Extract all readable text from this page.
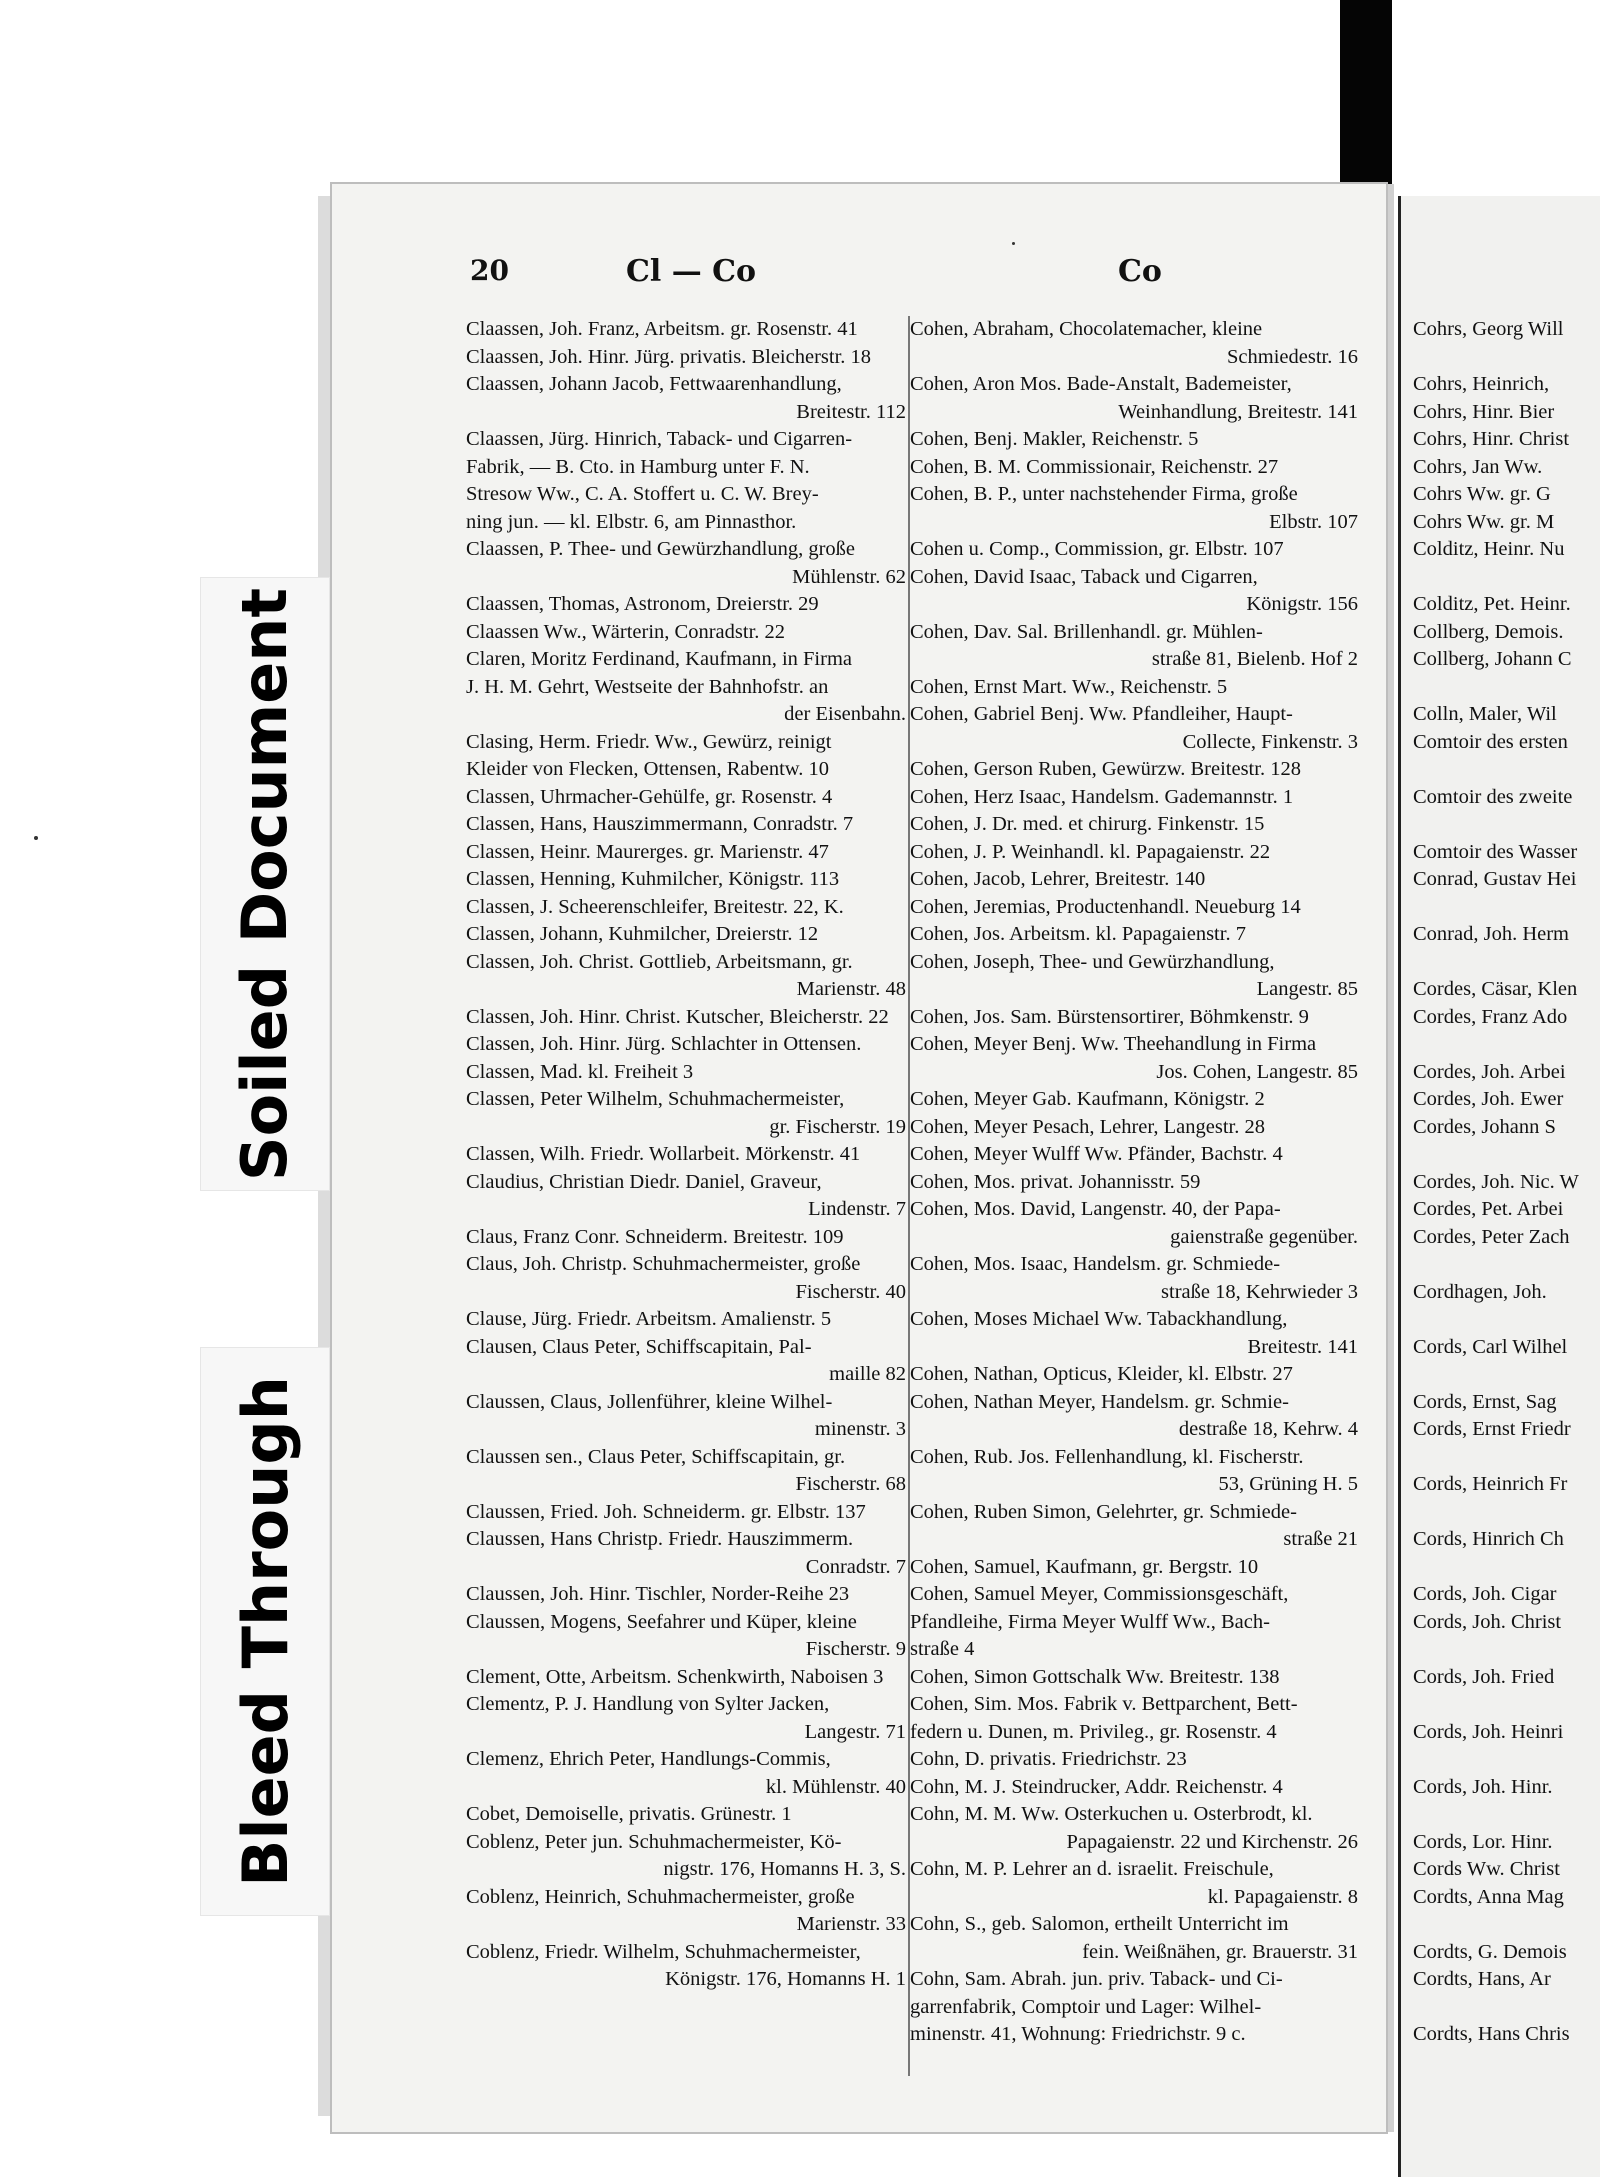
Cohrs, Georg Will
Cohrs, Heinrich,
Cohrs, Hinr. Bier
Cohrs, Hinr. Christ
Cohrs, Jan Ww.
Cohrs Ww. gr. G
Cohrs Ww. gr. M
Colditz, Heinr. Nu
Colditz, Pet. Heinr.
Collberg, Demois.
Collberg, Johann C
Colln, Maler, Wil
Comtoir des ersten
Comtoir des zweite
Comtoir des Wasser
Conrad, Gustav Hei
Conrad, Joh. Herm
Cordes, Cäsar, Klen
Cordes, Franz Ado
Cordes, Joh. Arbei
Cordes, Joh. Ewer
Cordes, Johann S
Cordes, Joh. Nic. W
Cordes, Pet. Arbei
Cordes, Peter Zach
Cordhagen, Joh.
Cords, Carl Wilhel
Cords, Ernst, Sag
Cords, Ernst Friedr
Cords, Heinrich Fr
Cords, Hinrich Ch
Cords, Joh. Cigar
Cords, Joh. Christ
Cords, Joh. Fried
Cords, Joh. Heinri
Cords, Joh. Hinr.
Cords, Lor. Hinr.
Cords Ww. Christ
Cordts, Anna Mag
Cordts, G. Demois
Cordts, Hans, Ar
Cordts, Hans Chris
Soiled Document
Bleed Through
20	Cl — Co	Co
Claassen, Joh. Franz, Arbeitsm. gr. Rosenstr. 41
Claassen, Joh. Hinr. Jürg. privatis. Bleicherstr. 18
Claassen, Johann Jacob, Fettwaarenhandlung,
Breitestr. 112
Claassen, Jürg. Hinrich, Taback- und Cigarren-
Fabrik, — B. Cto. in Hamburg unter F. N.
Stresow Ww., C. A. Stoffert u. C. W. Brey-
ning jun. — kl. Elbstr. 6, am Pinnasthor.
Claassen, P. Thee- und Gewürzhandlung, große
Mühlenstr. 62
Claassen, Thomas, Astronom, Dreierstr. 29
Claassen Ww., Wärterin, Conradstr. 22
Claren, Moritz Ferdinand, Kaufmann, in Firma
J. H. M. Gehrt, Westseite der Bahnhofstr. an
der Eisenbahn.
Clasing, Herm. Friedr. Ww., Gewürz, reinigt
Kleider von Flecken, Ottensen, Rabentw. 10
Classen, Uhrmacher-Gehülfe, gr. Rosenstr. 4
Classen, Hans, Hauszimmermann, Conradstr. 7
Classen, Heinr. Maurerges. gr. Marienstr. 47
Classen, Henning, Kuhmilcher, Königstr. 113
Classen, J. Scheerenschleifer, Breitestr. 22, K.
Classen, Johann, Kuhmilcher, Dreierstr. 12
Classen, Joh. Christ. Gottlieb, Arbeitsmann, gr.
Marienstr. 48
Classen, Joh. Hinr. Christ. Kutscher, Bleicherstr. 22
Classen, Joh. Hinr. Jürg. Schlachter in Ottensen.
Classen, Mad. kl. Freiheit 3
Classen, Peter Wilhelm, Schuhmachermeister,
gr. Fischerstr. 19
Classen, Wilh. Friedr. Wollarbeit. Mörkenstr. 41
Claudius, Christian Diedr. Daniel, Graveur,
Lindenstr. 7
Claus, Franz Conr. Schneiderm. Breitestr. 109
Claus, Joh. Christp. Schuhmachermeister, große
Fischerstr. 40
Clause, Jürg. Friedr. Arbeitsm. Amalienstr. 5
Clausen, Claus Peter, Schiffscapitain, Pal-
maille 82
Claussen, Claus, Jollenführer, kleine Wilhel-
minenstr. 3
Claussen sen., Claus Peter, Schiffscapitain, gr.
Fischerstr. 68
Claussen, Fried. Joh. Schneiderm. gr. Elbstr. 137
Claussen, Hans Christp. Friedr. Hauszimmerm.
Conradstr. 7
Claussen, Joh. Hinr. Tischler, Norder-Reihe 23
Claussen, Mogens, Seefahrer und Küper, kleine
Fischerstr. 9
Clement, Otte, Arbeitsm. Schenkwirth, Naboisen 3
Clementz, P. J. Handlung von Sylter Jacken,
Langestr. 71
Clemenz, Ehrich Peter, Handlungs-Commis,
kl. Mühlenstr. 40
Cobet, Demoiselle, privatis. Grünestr. 1
Coblenz, Peter jun. Schuhmachermeister, Kö-
nigstr. 176, Homanns H. 3, S.
Coblenz, Heinrich, Schuhmachermeister, große
Marienstr. 33
Coblenz, Friedr. Wilhelm, Schuhmachermeister,
Königstr. 176, Homanns H. 1
Cohen, Abraham, Chocolatemacher, kleine
Schmiedestr. 16
Cohen, Aron Mos. Bade-Anstalt, Bademeister,
Weinhandlung, Breitestr. 141
Cohen, Benj. Makler, Reichenstr. 5
Cohen, B. M. Commissionair, Reichenstr. 27
Cohen, B. P., unter nachstehender Firma, große
Elbstr. 107
Cohen u. Comp., Commission, gr. Elbstr. 107
Cohen, David Isaac, Taback und Cigarren,
Königstr. 156
Cohen, Dav. Sal. Brillenhandl. gr. Mühlen-
straße 81, Bielenb. Hof 2
Cohen, Ernst Mart. Ww., Reichenstr. 5
Cohen, Gabriel Benj. Ww. Pfandleiher, Haupt-
Collecte, Finkenstr. 3
Cohen, Gerson Ruben, Gewürzw. Breitestr. 128
Cohen, Herz Isaac, Handelsm. Gademannstr. 1
Cohen, J. Dr. med. et chirurg. Finkenstr. 15
Cohen, J. P. Weinhandl. kl. Papagaienstr. 22
Cohen, Jacob, Lehrer, Breitestr. 140
Cohen, Jeremias, Productenhandl. Neueburg 14
Cohen, Jos. Arbeitsm. kl. Papagaienstr. 7
Cohen, Joseph, Thee- und Gewürzhandlung,
Langestr. 85
Cohen, Jos. Sam. Bürstensortirer, Böhmkenstr. 9
Cohen, Meyer Benj. Ww. Theehandlung in Firma
Jos. Cohen, Langestr. 85
Cohen, Meyer Gab. Kaufmann, Königstr. 2
Cohen, Meyer Pesach, Lehrer, Langestr. 28
Cohen, Meyer Wulff Ww. Pfänder, Bachstr. 4
Cohen, Mos. privat. Johannisstr. 59
Cohen, Mos. David, Langenstr. 40, der Papa-
gaienstraße gegenüber.
Cohen, Mos. Isaac, Handelsm. gr. Schmiede-
straße 18, Kehrwieder 3
Cohen, Moses Michael Ww. Tabackhandlung,
Breitestr. 141
Cohen, Nathan, Opticus, Kleider, kl. Elbstr. 27
Cohen, Nathan Meyer, Handelsm. gr. Schmie-
destraße 18, Kehrw. 4
Cohen, Rub. Jos. Fellenhandlung, kl. Fischerstr.
53, Grüning H. 5
Cohen, Ruben Simon, Gelehrter, gr. Schmiede-
straße 21
Cohen, Samuel, Kaufmann, gr. Bergstr. 10
Cohen, Samuel Meyer, Commissionsgeschäft,
Pfandleihe, Firma Meyer Wulff Ww., Bach-
straße 4
Cohen, Simon Gottschalk Ww. Breitestr. 138
Cohen, Sim. Mos. Fabrik v. Bettparchent, Bett-
federn u. Dunen, m. Privileg., gr. Rosenstr. 4
Cohn, D. privatis. Friedrichstr. 23
Cohn, M. J. Steindrucker, Addr. Reichenstr. 4
Cohn, M. M. Ww. Osterkuchen u. Osterbrodt, kl.
Papagaienstr. 22 und Kirchenstr. 26
Cohn, M. P. Lehrer an d. israelit. Freischule,
kl. Papagaienstr. 8
Cohn, S., geb. Salomon, ertheilt Unterricht im
fein. Weißnähen, gr. Brauerstr. 31
Cohn, Sam. Abrah. jun. priv. Taback- und Ci-
garrenfabrik, Comptoir und Lager: Wilhel-
minenstr. 41, Wohnung: Friedrichstr. 9 c.
